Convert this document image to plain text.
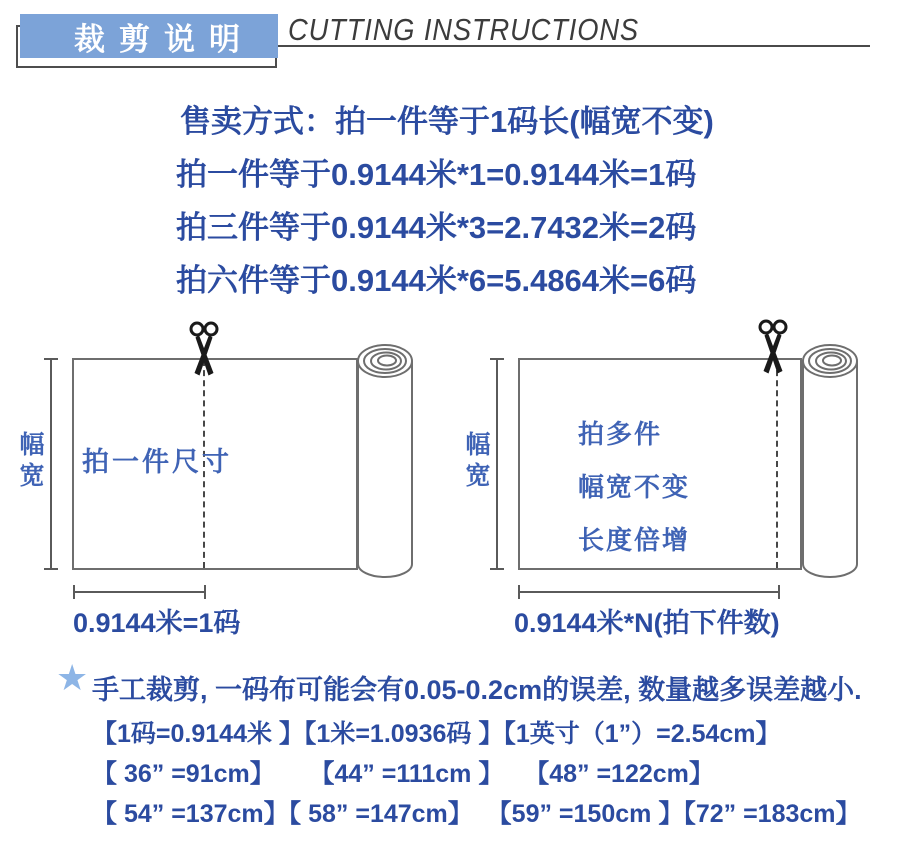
裁剪说明 CUTTING INSTRUCTIONS
售卖方式：拍一件等于1码长(幅宽不变)
拍一件等于0.9144米*1=0.9144米=1码
拍三件等于0.9144米*3=2.7432米=2码
拍六件等于0.9144米*6=5.4864米=6码
幅宽 拍一件尺寸
0.9144米=1码
幅宽
拍多件
幅宽不变
长度倍增
0.9144米*N(拍下件数)
★ 手工裁剪, 一码布可能会有0.05-0.2cm的误差, 数量越多误差越小.
【1码=0.9144米 】【1米=1.0936码 】【1英寸（1”）=2.54cm】
【 36” =91cm】     【44” =111cm 】   【48” =122cm】
【 54” =137cm】【 58” =147cm】  【59” =150cm 】【72” =183cm】
